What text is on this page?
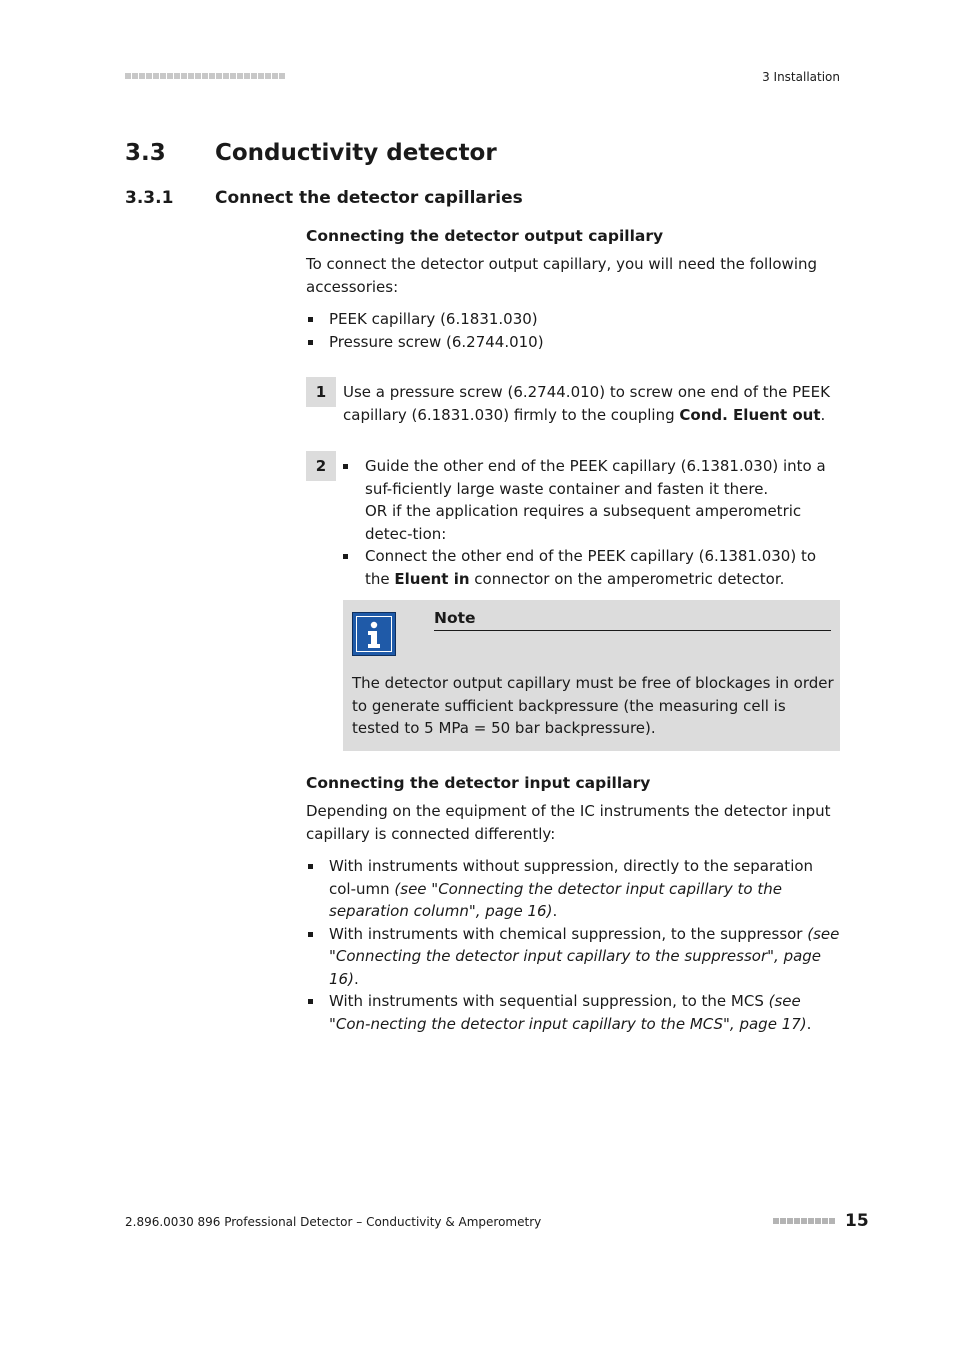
3 Installation
3.3 Conductivity detector
3.3.1 Connect the detector capillaries
Connecting the detector output capillary
To connect the detector output capillary, you will need the following accessories:
PEEK capillary (6.1831.030)
Pressure screw (6.2744.010)
1	Use a pressure screw (6.2744.010) to screw one end of the PEEK capillary (6.1831.030) firmly to the coupling Cond. Eluent out.
2	Guide the other end of the PEEK capillary (6.1381.030) into a suf-ficiently large waste container and fasten it there.
OR if the application requires a subsequent amperometric detec-tion:
Connect the other end of the PEEK capillary (6.1381.030) to the Eluent in connector on the amperometric detector.
Note
The detector output capillary must be free of blockages in order to generate sufficient backpressure (the measuring cell is tested to 5 MPa = 50 bar backpressure).
Connecting the detector input capillary
Depending on the equipment of the IC instruments the detector input capillary is connected differently:
With instruments without suppression, directly to the separation col-umn (see "Connecting the detector input capillary to the separation column", page 16).
With instruments with chemical suppression, to the suppressor (see "Connecting the detector input capillary to the suppressor", page 16).
With instruments with sequential suppression, to the MCS (see "Con-necting the detector input capillary to the MCS", page 17).
2.896.0030 896 Professional Detector – Conductivity & Amperometry	15
